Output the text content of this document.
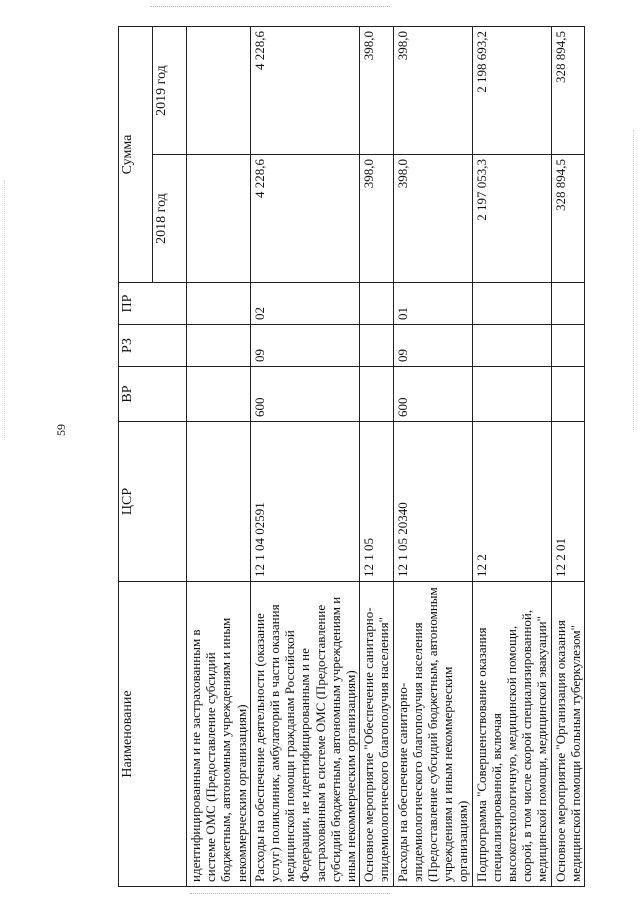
59
Наименование	ЦСР	ВР	РЗ	ПР	Сумма	
					2018 год	2019 год
идентифицированным и не застрахованным в системе ОМС (Предоставление субсидий бюджетным, автономным учреждениям и иным некоммерческим организациям)						
Расходы на обеспечение деятельности (оказание услуг) поликлиник, амбулаторий в части оказания медицинской помощи гражданам Российской Федерации, не идентифицированным и не застрахованным в системе ОМС (Предоставление субсидий бюджетным, автономным учреждениям и иным некоммерческим организациям)	12 1 04 02591	600	09	02	4 228,6	4 228,6
Основное мероприятие "Обеспечение санитарно-эпидемиологического благополучия населения"	12 1 05				398,0	398,0
Расходы на обеспечение санитарно-эпидемиологического благополучия населения (Предоставление субсидий бюджетным, автономным учреждениям и иным некоммерческим организациям)	12 1 05 20340	600	09	01	398,0	398,0
Подпрограмма "Совершенствование оказания специализированной, включая высокотехнологичную, медицинской помощи, скорой, в том числе скорой специализированной, медицинской помощи, медицинской эвакуации"	12 2				2 197 053,3	2 198 693,2
Основное мероприятие "Организация оказания медицинской помощи больным туберкулезом"	12 2 01				328 894,5	328 894,5
